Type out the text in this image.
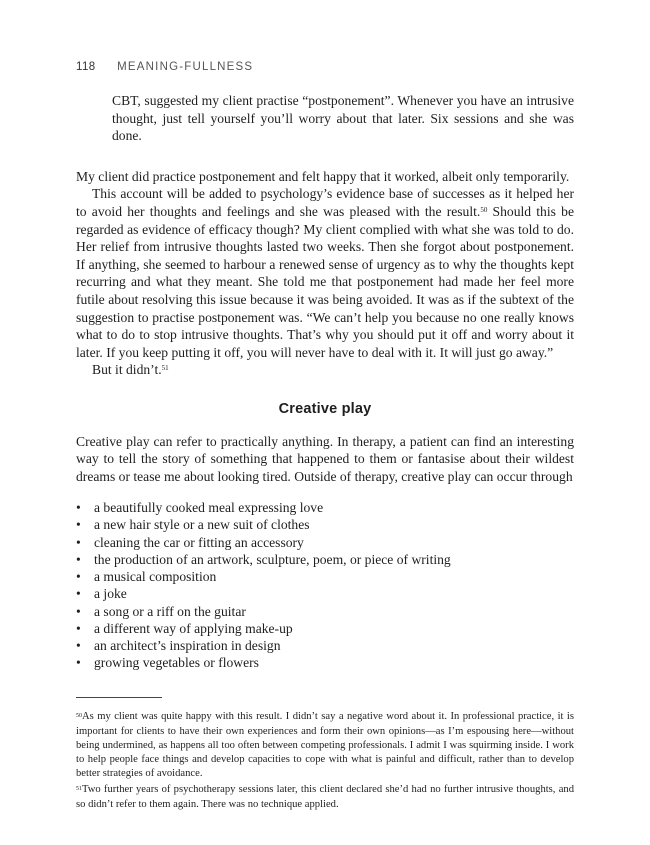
118 MEANING-FULLNESS

CBT, suggested my client practise “postponement”. Whenever you have an intrusive thought, just tell yourself you’ll worry about that later. Six sessions and she was done.

My client did practice postponement and felt happy that it worked, albeit only temporarily.

This account will be added to psychology’s evidence base of successes as it helped her to avoid her thoughts and feelings and she was pleased with the result.$^{50}$ Should this be regarded as evidence of efficacy though? My client complied with what she was told to do. Her relief from intrusive thoughts lasted two weeks. Then she forgot about postponement. If anything, she seemed to harbour a renewed sense of urgency as to why the thoughts kept recurring and what they meant. She told me that postponement had made her feel more futile about resolving this issue because it was being avoided. It was as if the subtext of the suggestion to practise postponement was. “We can’t help you because no one really knows what to do to stop intrusive thoughts. That’s why you should put it off and worry about it later. If you keep putting it off, you will never have to deal with it. It will just go away.”

But it didn’t.$^{51}$

Creative play

Creative play can refer to practically anything. In therapy, a patient can find an interesting way to tell the story of something that happened to them or fantasise about their wildest dreams or tease me about looking tired. Outside of therapy, creative play can occur through

• a beautifully cooked meal expressing love
• a new hair style or a new suit of clothes
• cleaning the car or fitting an accessory
• the production of an artwork, sculpture, poem, or piece of writing
• a musical composition
• a joke
• a song or a riff on the guitar
• a different way of applying make-up
• an architect’s inspiration in design
• growing vegetables or flowers

$^{50}$As my client was quite happy with this result. I didn’t say a negative word about it. In professional practice, it is important for clients to have their own experiences and form their own opinions—as I’m espousing here—without being undermined, as happens all too often between competing professionals. I admit I was squirming inside. I work to help people face things and develop capacities to cope with what is painful and difficult, rather than to develop better strategies of avoidance.

$^{51}$Two further years of psychotherapy sessions later, this client declared she’d had no further intrusive thoughts, and so didn’t refer to them again. There was no technique applied.
